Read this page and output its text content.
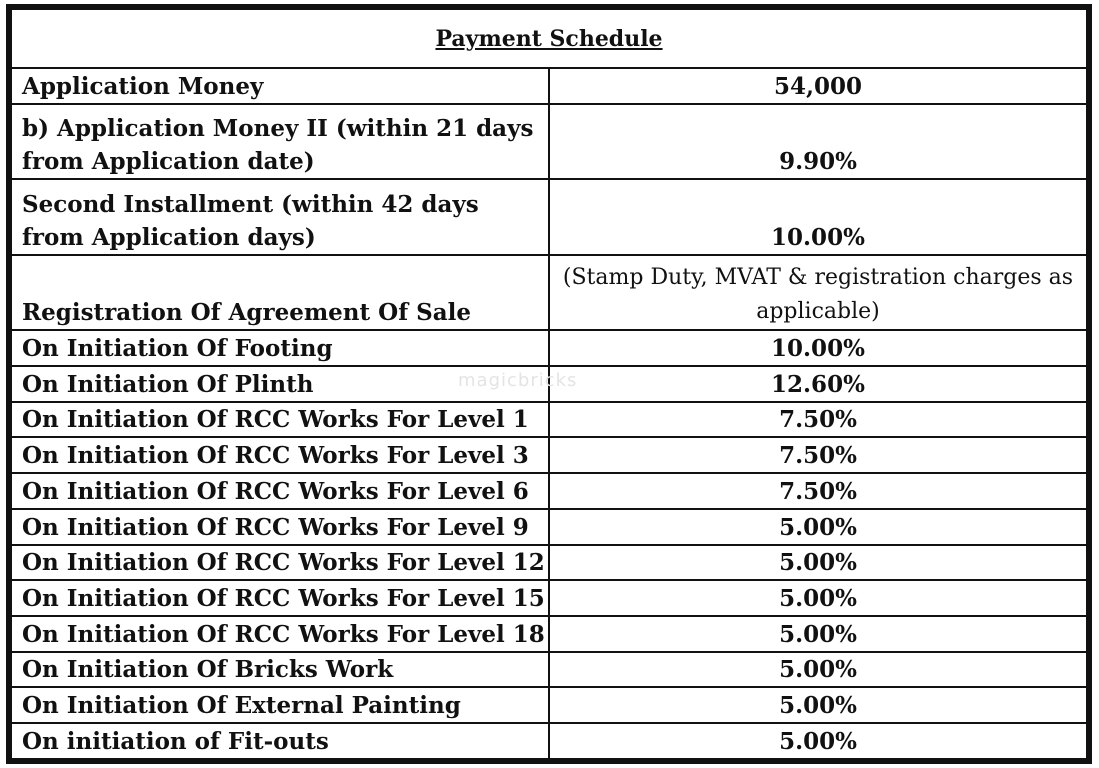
Payment Schedule	
Application Money	54,000
b) Application Money II (within 21 days from Application date)	9.90%
Second Installment (within 42 days from Application days)	10.00%
Registration Of Agreement Of Sale	(Stamp Duty, MVAT & registration charges as applicable)
On Initiation Of Footing	10.00%
On Initiation Of Plinth	12.60%
On Initiation Of RCC Works For Level 1	7.50%
On Initiation Of RCC Works For Level 3	7.50%
On Initiation Of RCC Works For Level 6	7.50%
On Initiation Of RCC Works For Level 9	5.00%
On Initiation Of RCC Works For Level 12	5.00%
On Initiation Of RCC Works For Level 15	5.00%
On Initiation Of RCC Works For Level 18	5.00%
On Initiation Of Bricks Work	5.00%
On Initiation Of External Painting	5.00%
On initiation of Fit-outs	5.00%
magicbricks
